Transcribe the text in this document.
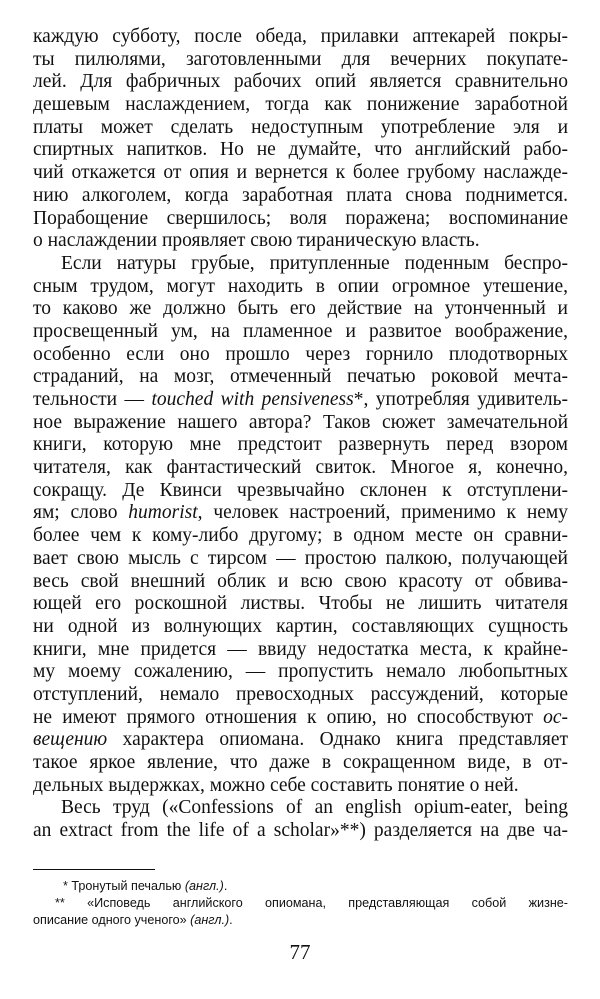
каждую субботу, после обеда, прилавки аптекарей покры-
ты пилюлями, заготовленными для вечерних покупате-
лей. Для фабричных рабочих опий является сравнительно
дешевым наслаждением, тогда как понижение заработной
платы может сделать недоступным употребление эля и
спиртных напитков. Но не думайте, что английский рабо-
чий откажется от опия и вернется к более грубому наслажде-
нию алкоголем, когда заработная плата снова поднимется.
Порабощение свершилось; воля поражена; воспоминание
о наслаждении проявляет свою тираническую власть.
Если натуры грубые, притупленные поденным беспро-
сным трудом, могут находить в опии огромное утешение,
то каково же должно быть его действие на утонченный и
просвещенный ум, на пламенное и развитое воображение,
особенно если оно прошло через горнило плодотворных
страданий, на мозг, отмеченный печатью роковой мечта-
тельности — touched with pensiveness*, употребляя удивитель-
ное выражение нашего автора? Таков сюжет замечательной
книги, которую мне предстоит развернуть перед взором
читателя, как фантастический свиток. Многое я, конечно,
сокращу. Де Квинси чрезвычайно склонен к отступлени-
ям; слово humorist, человек настроений, применимо к нему
более чем к кому-либо другому; в одном месте он сравни-
вает свою мысль с тирсом — простою палкою, получающей
весь свой внешний облик и всю свою красоту от обвива-
ющей его роскошной листвы. Чтобы не лишить читателя
ни одной из волнующих картин, составляющих сущность
книги, мне придется — ввиду недостатка места, к крайне-
му моему сожалению, — пропустить немало любопытных
отступлений, немало превосходных рассуждений, которые
не имеют прямого отношения к опию, но способствуют ос-
вещению характера опиомана. Однако книга представляет
такое яркое явление, что даже в сокращенном виде, в от-
дельных выдержках, можно себе составить понятие о ней.
Весь труд («Confessions of an english opium-eater, being
an extract from the life of a scholar»**) разделяется на две ча-
* Тронутый печалью (англ.).
** «Исповедь английского опиомана, представляющая собой жизне-
описание одного ученого» (англ.).
77
